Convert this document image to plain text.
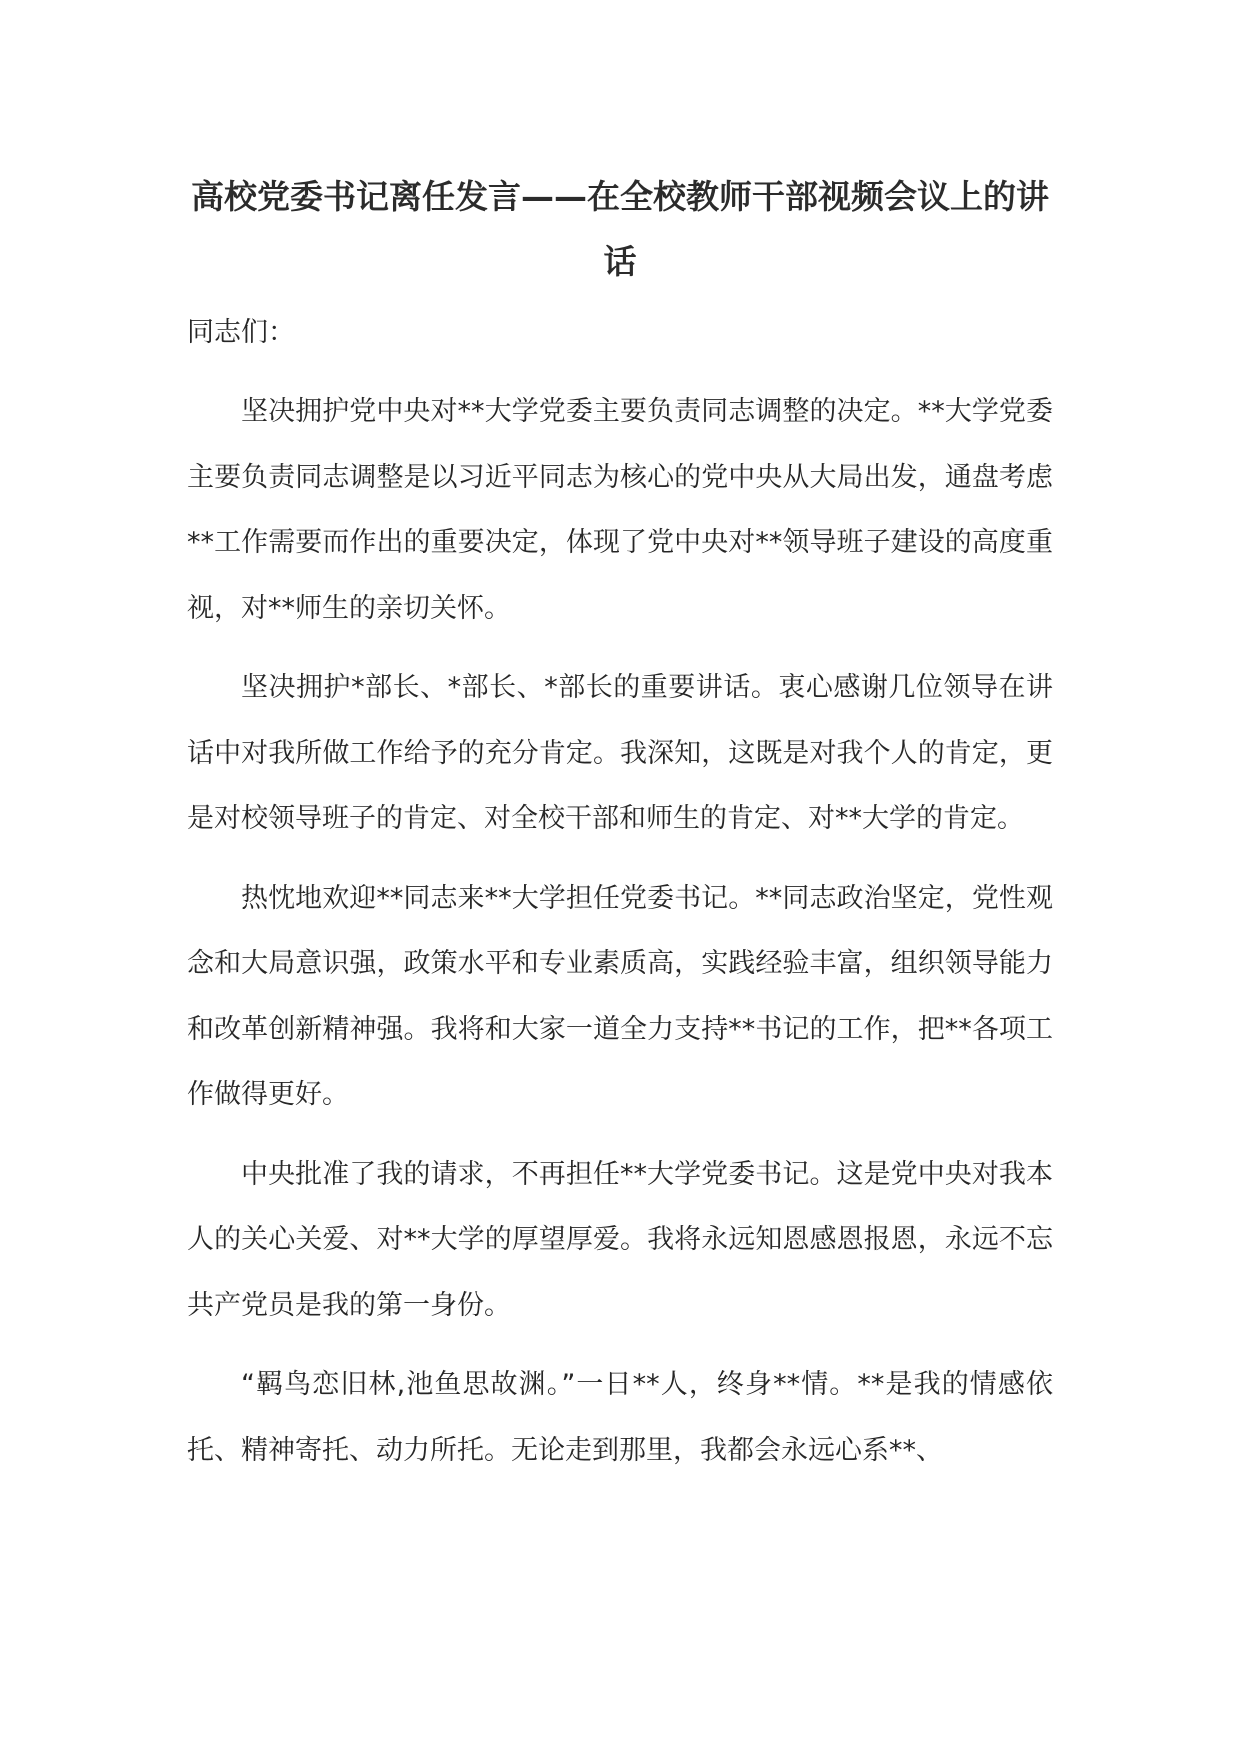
高校党委书记离任发言——在全校教师干部视频会议上的讲话

同志们：

坚决拥护党中央对**大学党委主要负责同志调整的决定。**大学党委主要负责同志调整是以习近平同志为核心的党中央从大局出发，通盘考虑**工作需要而作出的重要决定，体现了党中央对**领导班子建设的高度重视，对**师生的亲切关怀。

坚决拥护*部长、*部长、*部长的重要讲话。衷心感谢几位领导在讲话中对我所做工作给予的充分肯定。我深知，这既是对我个人的肯定，更是对校领导班子的肯定、对全校干部和师生的肯定、对**大学的肯定。

热忱地欢迎**同志来**大学担任党委书记。**同志政治坚定，党性观念和大局意识强，政策水平和专业素质高，实践经验丰富，组织领导能力和改革创新精神强。我将和大家一道全力支持**书记的工作，把**各项工作做得更好。

中央批准了我的请求，不再担任**大学党委书记。这是党中央对我本人的关心关爱、对**大学的厚望厚爱。我将永远知恩感恩报恩，永远不忘共产党员是我的第一身份。

“羁鸟恋旧林,池鱼思故渊。”一日**人，终身**情。**是我的情感依托、精神寄托、动力所托。无论走到那里，我都会永远心系**、
